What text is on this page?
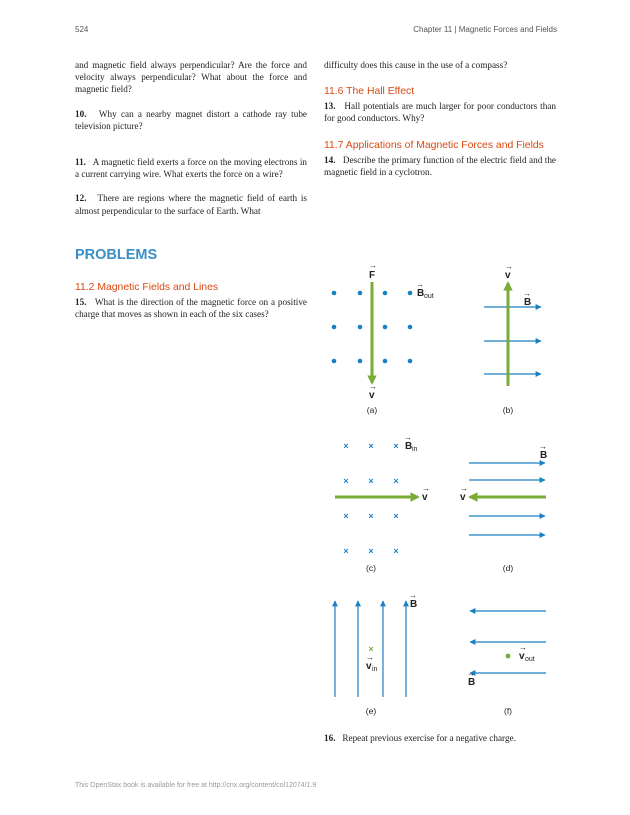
524	Chapter 11 | Magnetic Forces and Fields

and magnetic field always perpendicular? Are the force and velocity always perpendicular? What about the force and magnetic field?

10. Why can a nearby magnet distort a cathode ray tube television picture?

11. A magnetic field exerts a force on the moving electrons in a current carrying wire. What exerts the force on a wire?

12. There are regions where the magnetic field of earth is almost perpendicular to the surface of Earth. What

difficulty does this cause in the use of a compass?

11.6 The Hall Effect

13. Hall potentials are much larger for poor conductors than for good conductors. Why?

11.7 Applications of Magnetic Forces and Fields

14. Describe the primary function of the electric field and the magnetic field in a cyclotron.

PROBLEMS

11.2 Magnetic Fields and Lines

15. What is the direction of the magnetic force on a positive charge that moves as shown in each of the six cases?

F
→
B
→
out
v
→
(a)
v
→
B
→
(b)
× × ×
× × ×
× × ×
× × ×
B
→
in
v
→
(c)
B
→
v
→
(d)
×
v
→
in
B
→
(e)
v
→
out
B
→
(f)
16. Repeat previous exercise for a negative charge.
This OpenStax book is available for free at http://cnx.org/content/col12074/1.9
